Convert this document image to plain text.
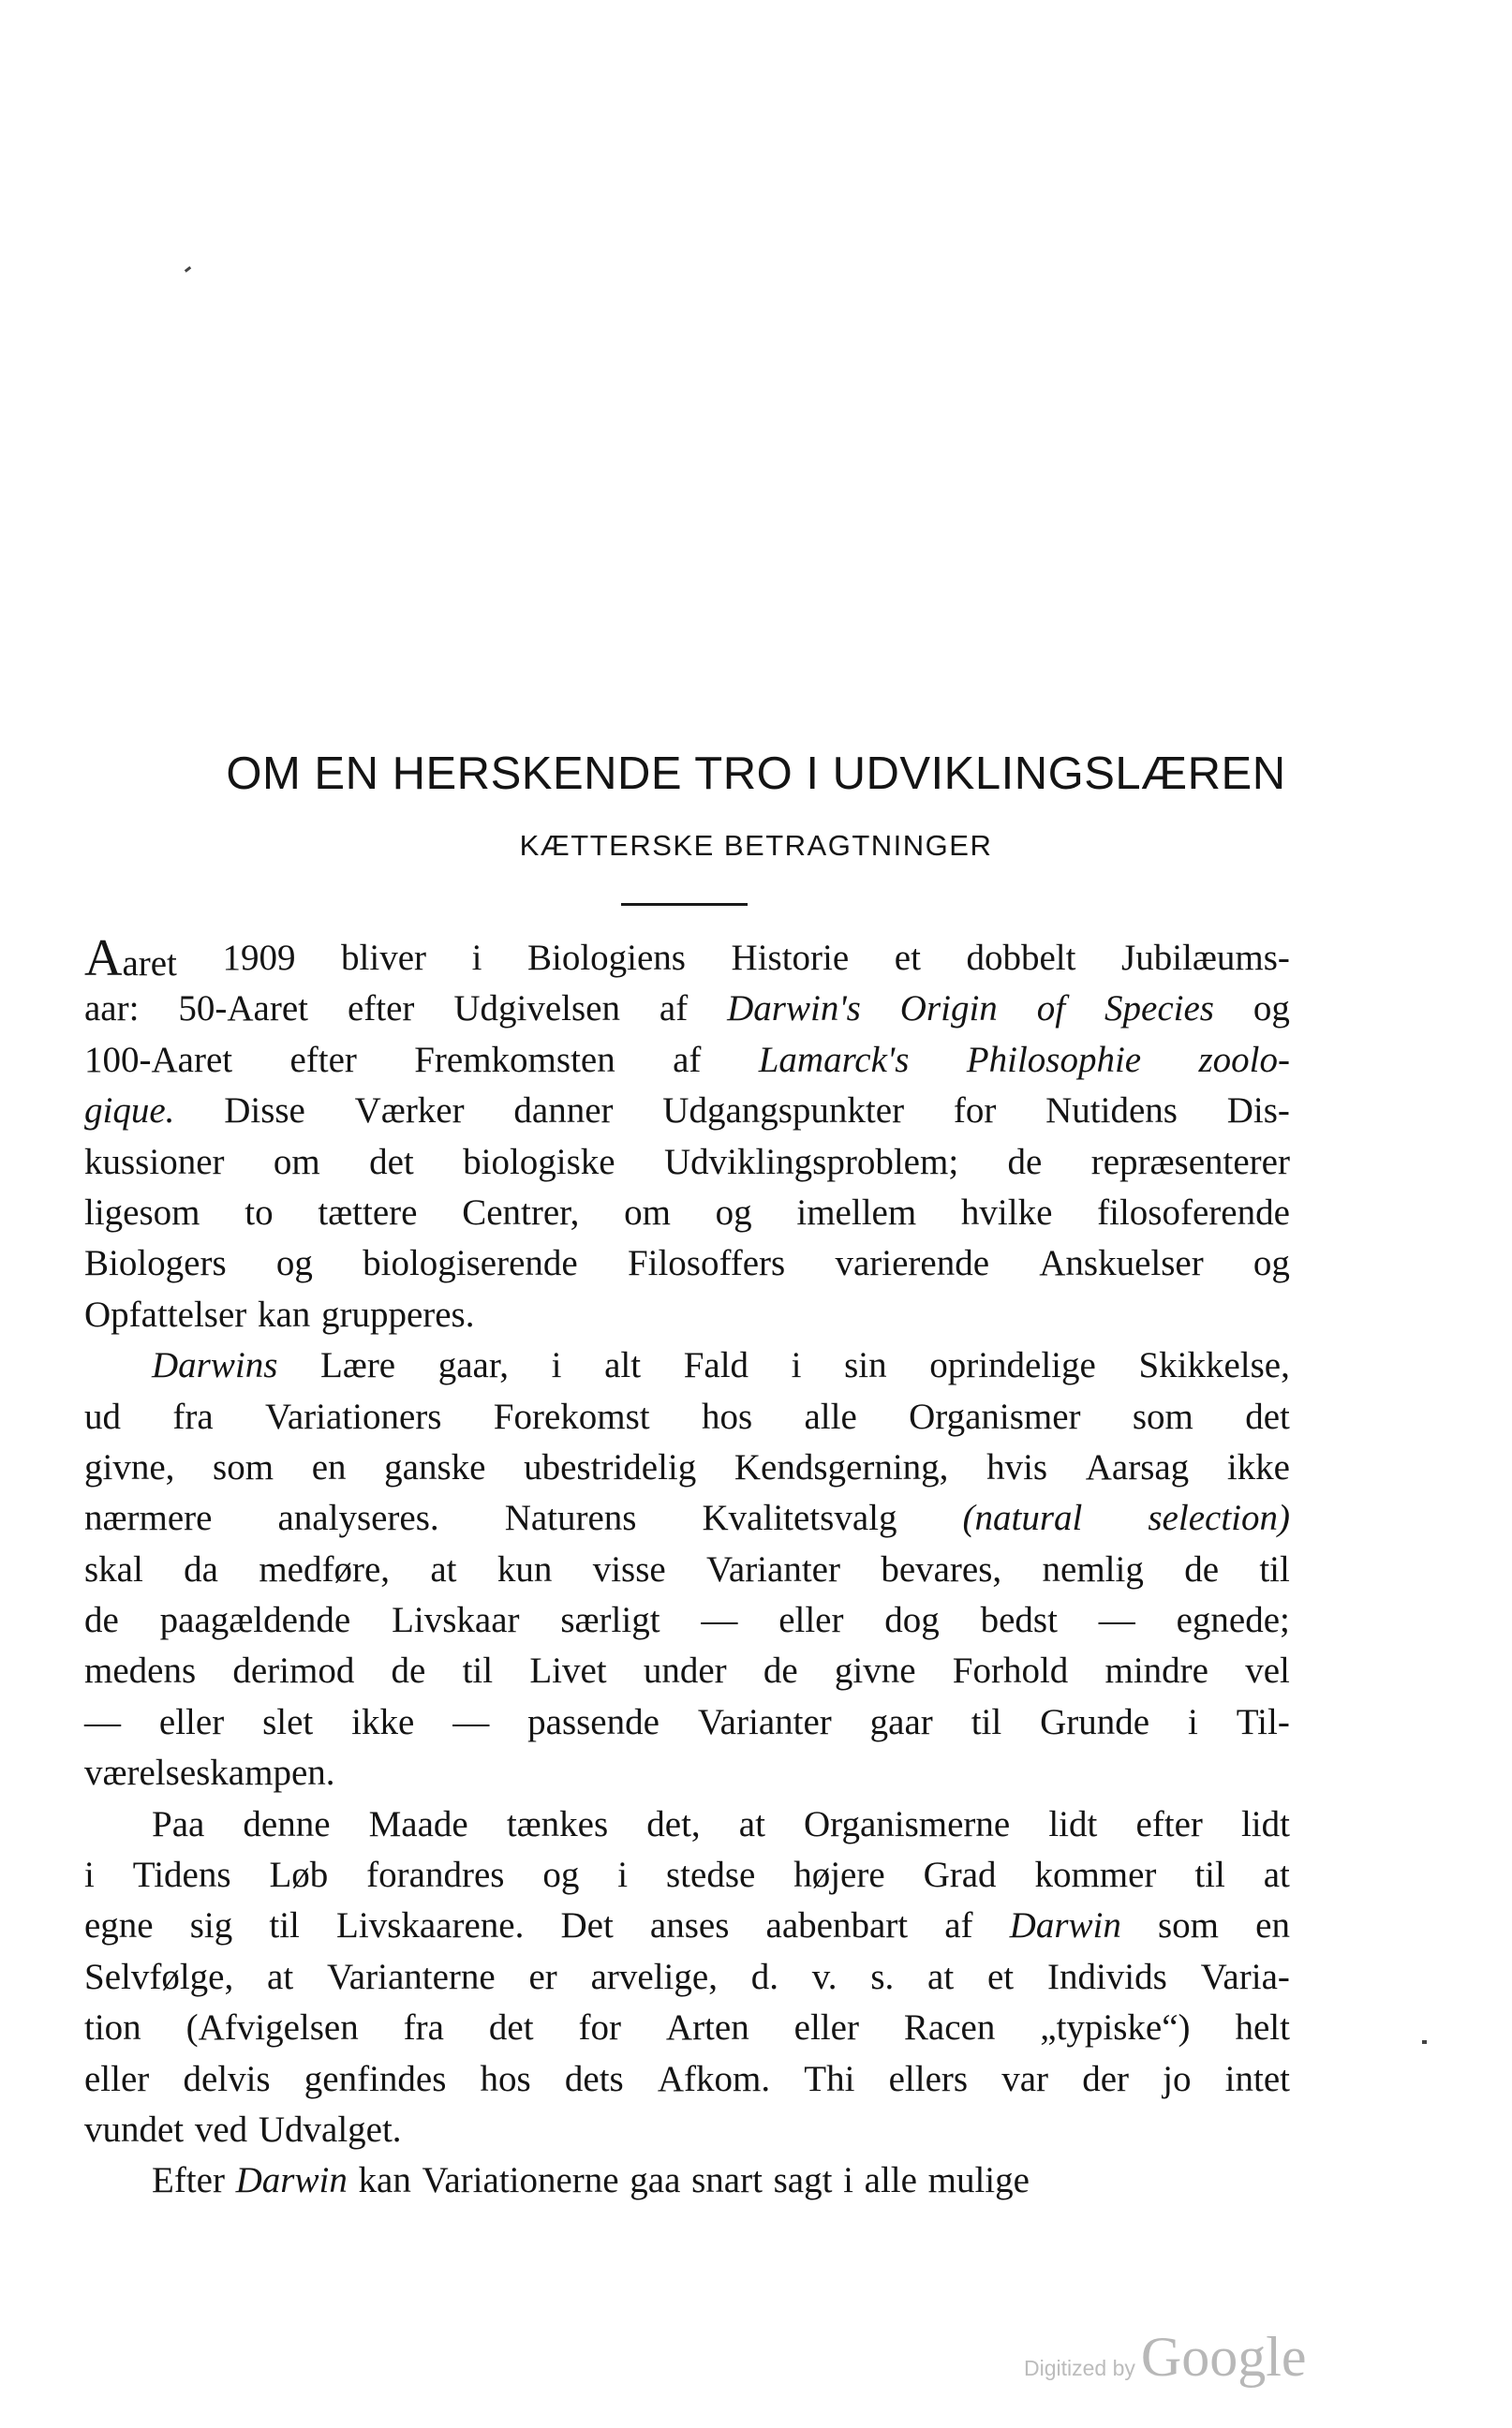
OM EN HERSKENDE TRO I UDVIKLINGSLÆREN
KÆTTERSKE BETRAGTNINGER
Aaret 1909 bliver i Biologiens Historie et dobbelt Jubilæums-
aar: 50-Aaret efter Udgivelsen af Darwin's Origin of Species og
100-Aaret efter Fremkomsten af Lamarck's Philosophie zoolo-
gique. Disse Værker danner Udgangspunkter for Nutidens Dis-
kussioner om det biologiske Udviklingsproblem; de repræsenterer
ligesom to tættere Centrer, om og imellem hvilke filosoferende
Biologers og biologiserende Filosoffers varierende Anskuelser og
Opfattelser kan grupperes.
Darwins Lære gaar, i alt Fald i sin oprindelige Skikkelse,
ud fra Variationers Forekomst hos alle Organismer som det
givne, som en ganske ubestridelig Kendsgerning, hvis Aarsag ikke
nærmere analyseres. Naturens Kvalitetsvalg (natural selection)
skal da medføre, at kun visse Varianter bevares, nemlig de til
de paagældende Livskaar særligt — eller dog bedst — egnede;
medens derimod de til Livet under de givne Forhold mindre vel
— eller slet ikke — passende Varianter gaar til Grunde i Til-
værelseskampen.
Paa denne Maade tænkes det, at Organismerne lidt efter lidt
i Tidens Løb forandres og i stedse højere Grad kommer til at
egne sig til Livskaarene. Det anses aabenbart af Darwin som en
Selvfølge, at Varianterne er arvelige, d. v. s. at et Individs Varia-
tion (Afvigelsen fra det for Arten eller Racen „typiske“) helt
eller delvis genfindes hos dets Afkom. Thi ellers var der jo intet
vundet ved Udvalget.
Efter Darwin kan Variationerne gaa snart sagt i alle mulige
Digitized by Google
